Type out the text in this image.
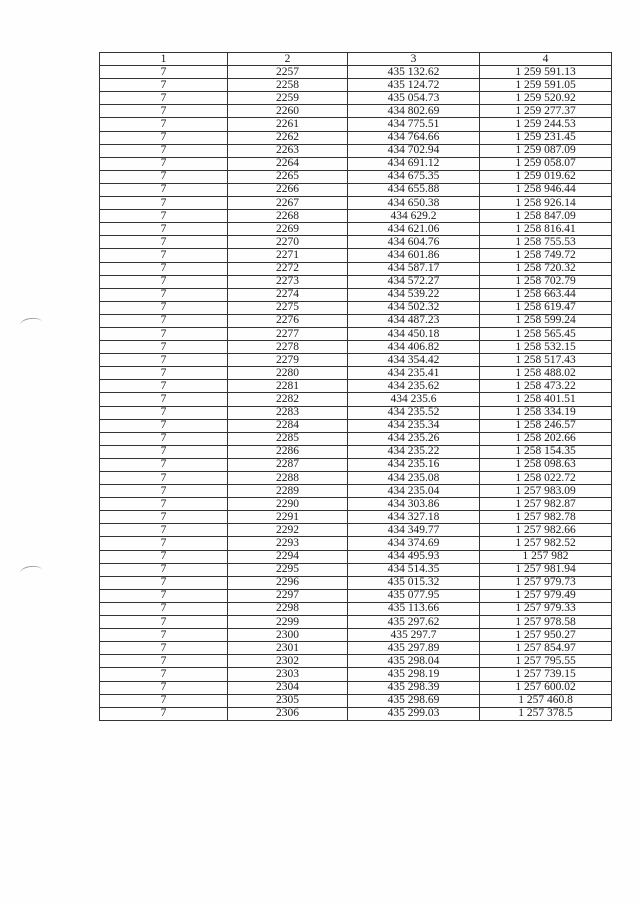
1	2	3	4
7	2257	435 132.62	1 259 591.13
7	2258	435 124.72	1 259 591.05
7	2259	435 054.73	1 259 520.92
7	2260	434 802.69	1 259 277.37
7	2261	434 775.51	1 259 244.53
7	2262	434 764.66	1 259 231.45
7	2263	434 702.94	1 259 087.09
7	2264	434 691.12	1 259 058.07
7	2265	434 675.35	1 259 019.62
7	2266	434 655.88	1 258 946.44
7	2267	434 650.38	1 258 926.14
7	2268	434 629.2	1 258 847.09
7	2269	434 621.06	1 258 816.41
7	2270	434 604.76	1 258 755.53
7	2271	434 601.86	1 258 749.72
7	2272	434 587.17	1 258 720.32
7	2273	434 572.27	1 258 702.79
7	2274	434 539.22	1 258 663.44
7	2275	434 502.32	1 258 619.47
7	2276	434 487.23	1 258 599.24
7	2277	434 450.18	1 258 565.45
7	2278	434 406.82	1 258 532.15
7	2279	434 354.42	1 258 517.43
7	2280	434 235.41	1 258 488.02
7	2281	434 235.62	1 258 473.22
7	2282	434 235.6	1 258 401.51
7	2283	434 235.52	1 258 334.19
7	2284	434 235.34	1 258 246.57
7	2285	434 235.26	1 258 202.66
7	2286	434 235.22	1 258 154.35
7	2287	434 235.16	1 258 098.63
7	2288	434 235.08	1 258 022.72
7	2289	434 235.04	1 257 983.09
7	2290	434 303.86	1 257 982.87
7	2291	434 327.18	1 257 982.78
7	2292	434 349.77	1 257 982.66
7	2293	434 374.69	1 257 982.52
7	2294	434 495.93	1 257 982
7	2295	434 514.35	1 257 981.94
7	2296	435 015.32	1 257 979.73
7	2297	435 077.95	1 257 979.49
7	2298	435 113.66	1 257 979.33
7	2299	435 297.62	1 257 978.58
7	2300	435 297.7	1 257 950.27
7	2301	435 297.89	1 257 854.97
7	2302	435 298.04	1 257 795.55
7	2303	435 298.19	1 257 739.15
7	2304	435 298.39	1 257 600.02
7	2305	435 298.69	1 257 460.8
7	2306	435 299.03	1 257 378.5
